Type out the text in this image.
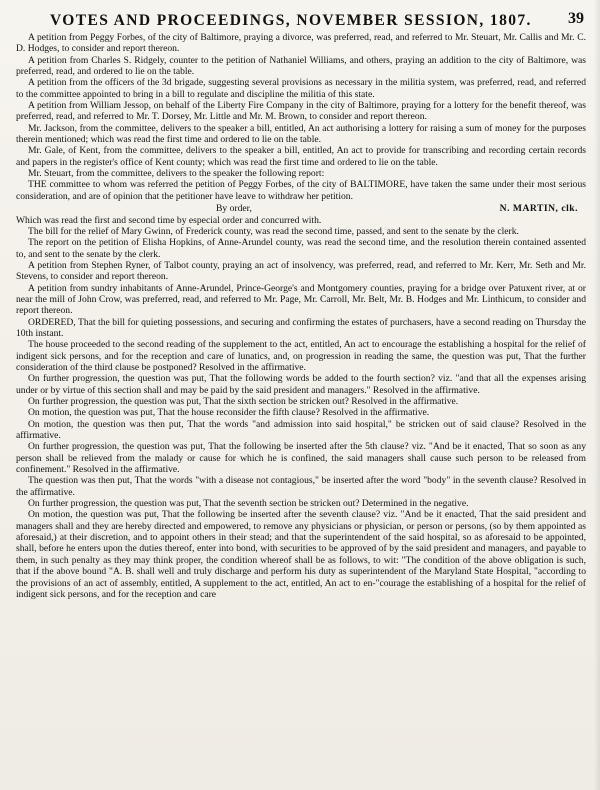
VOTES AND PROCEEDINGS, NOVEMBER SESSION, 1807. 39

A petition from Peggy Forbes, of the city of Baltimore, praying a divorce, was preferred, read, and referred to Mr. Steuart, Mr. Callis and Mr. C. D. Hodges, to consider and report thereon.

A petition from Charles S. Ridgely, counter to the petition of Nathaniel Williams, and others, praying an addition to the city of Baltimore, was preferred, read, and ordered to lie on the table.

A petition from the officers of the 3d brigade, suggesting several provisions as necessary in the militia system, was preferred, read, and referred to the committee appointed to bring in a bill to regulate and discipline the militia of this state.

A petition from William Jessop, on behalf of the Liberty Fire Company in the city of Baltimore, praying for a lottery for the benefit thereof, was preferred, read, and referred to Mr. T. Dorsey, Mr. Little and Mr. M. Brown, to consider and report thereon.

Mr. Jackson, from the committee, delivers to the speaker a bill, entitled, An act authorising a lottery for raising a sum of money for the purposes therein mentioned; which was read the first time and ordered to lie on the table.

Mr. Gale, of Kent, from the committee, delivers to the speaker a bill, entitled, An act to provide for transcribing and recording certain records and papers in the register's office of Kent county; which was read the first time and ordered to lie on the table.

Mr. Steuart, from the committee, delivers to the speaker the following report:

THE committee to whom was referred the petition of Peggy Forbes, of the city of BALTIMORE, have taken the same under their most serious consideration, and are of opinion that the petitioner have leave to withdraw her petition.

By order,	N. MARTIN, clk.

Which was read the first and second time by especial order and concurred with.

The bill for the relief of Mary Gwinn, of Frederick county, was read the second time, passed, and sent to the senate by the clerk.

The report on the petition of Elisha Hopkins, of Anne-Arundel county, was read the second time, and the resolution therein contained assented to, and sent to the senate by the clerk.

A petition from Stephen Ryner, of Talbot county, praying an act of insolvency, was preferred, read, and referred to Mr. Kerr, Mr. Seth and Mr. Stevens, to consider and report thereon.

A petition from sundry inhabitants of Anne-Arundel, Prince-George's and Montgomery counties, praying for a bridge over Patuxent river, at or near the mill of John Crow, was preferred, read, and referred to Mr. Page, Mr. Carroll, Mr. Belt, Mr. B. Hodges and Mr. Linthicum, to consider and report thereon.

ORDERED, That the bill for quieting possessions, and securing and confirming the estates of purchasers, have a second reading on Thursday the 10th instant.

The house proceeded to the second reading of the supplement to the act, entitled, An act to encourage the establishing a hospital for the relief of indigent sick persons, and for the reception and care of lunatics, and, on progression in reading the same, the question was put, That the further consideration of the third clause be postponed? Resolved in the affirmative.

On further progression, the question was put, That the following words be added to the fourth section? viz. "and that all the expenses arising under or by virtue of this section shall and may be paid by the said president and managers." Resolved in the affirmative.

On further progression, the question was put, That the sixth section be stricken out? Resolved in the affirmative.

On motion, the question was put, That the house reconsider the fifth clause? Resolved in the affirmative.

On motion, the question was then put, That the words "and admission into said hospital," be stricken out of said clause? Resolved in the affirmative.

On further progression, the question was put, That the following be inserted after the 5th clause? viz. "And be it enacted, That so soon as any person shall be relieved from the malady or cause for which he is confined, the said managers shall cause such person to be released from confinement." Resolved in the affirmative.

The question was then put, That the words "with a disease not contagious," be inserted after the word "body" in the seventh clause? Resolved in the affirmative.

On further progression, the question was put, That the seventh section be stricken out? Determined in the negative.

On motion, the question was put, That the following be inserted after the seventh clause? viz. "And be it enacted, That the said president and managers shall and they are hereby directed and empowered, to remove any physicians or physician, or person or persons, (so by them appointed as aforesaid,) at their discretion, and to appoint others in their stead; and that the superintendent of the said hospital, so as aforesaid to be appointed, shall, before he enters upon the duties thereof, enter into bond, with securities to be approved of by the said president and managers, and payable to them, in such penalty as they may think proper, the condition whereof shall be as follows, to wit: "The condition of the above obligation is such, that if the above bound "A. B. shall well and truly discharge and perform his duty as superintendent of the Maryland State Hospital, "according to the provisions of an act of assembly, entitled, A supplement to the act, entitled, An act to en-"courage the establishing of a hospital for the relief of indigent sick persons, and for the reception and care
